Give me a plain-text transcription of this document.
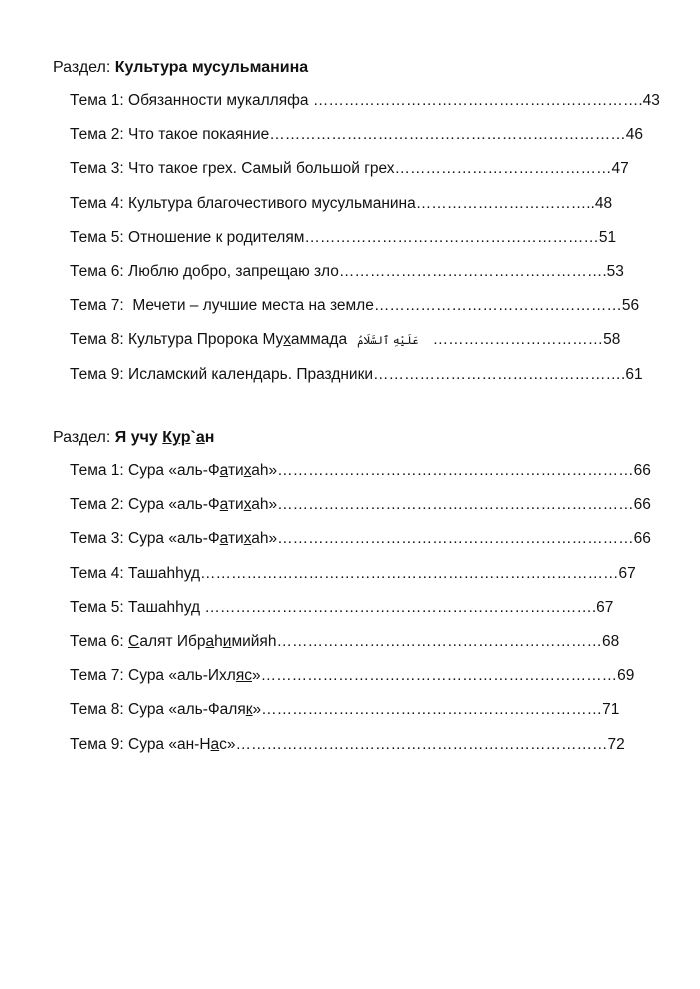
Раздел: Культура мусульманина
Тема 1: Обязанности мукалляфа ……………………………………………………….43
Тема 2: Что такое покаяние……………………………………………………………46
Тема 3: Что такое грех. Самый большой грех……………………………………47
Тема 4: Культура благочестивого мусульманина……………………………..48
Тема 5: Отношение к родителям…………………………………………………51
Тема 6: Люблю добро, запрещаю зло…………………………………………….53
Тема 7:  Мечети – лучшие места на земле…………………………………………56
Тема 8: Культура Пророка Мухаммада عَلَيْهِ ٱلسَّلَامُ ……………………………58
Тема 9: Исламский календарь. Праздники………………………………………….61
Раздел: Я учу Кур`ан
Тема 1: Сура «аль-Фатихаh»……………………………………………………………66
Тема 2: Сура «аль-Фатихаh»……………………………………………………………66
Тема 3: Сура «аль-Фатихаh»……………………………………………………………66
Тема 4: Ташаhhуд………………………………………………………………………67
Тема 5: Ташаhhуд ………………………………………………………………….67
Тема 6: Салят Ибраhимийяh………………………………………………………68
Тема 7: Сура «аль-Ихляс»……………………………………………………………69
Тема 8: Сура «аль-Фаляк»…………………………………………………………71
Тема 9: Сура «ан-Нас»………………………………………………………………72
